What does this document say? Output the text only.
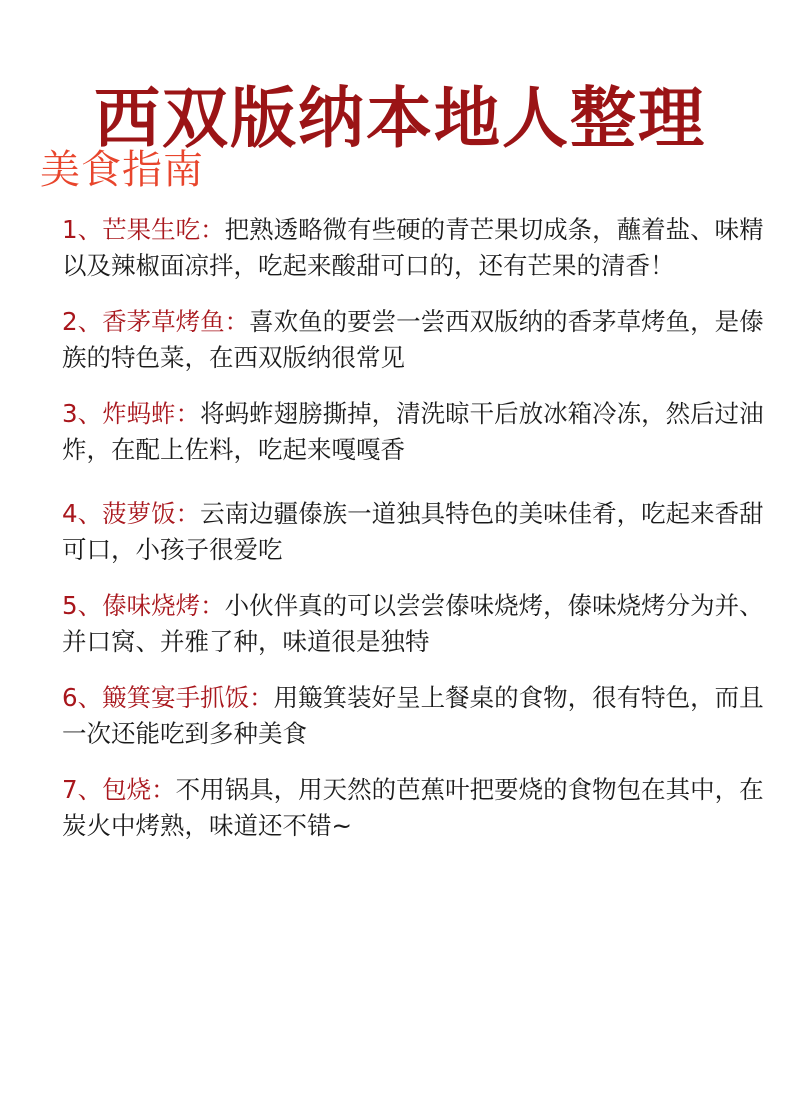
西双版纳本地人整理
美食指南

1、芒果生吃：把熟透略微有些硬的青芒果切成条，蘸着盐、味精以及辣椒面凉拌，吃起来酸甜可口的，还有芒果的清香！

2、香茅草烤鱼：喜欢鱼的要尝一尝西双版纳的香茅草烤鱼，是傣族的特色菜，在西双版纳很常见

3、炸蚂蚱：将蚂蚱翅膀撕掉，清洗晾干后放冰箱冷冻，然后过油炸，在配上佐料，吃起来嘎嘎香

4、菠萝饭：云南边疆傣族一道独具特色的美味佳肴，吃起来香甜可口，小孩子很爱吃

5、傣味烧烤：小伙伴真的可以尝尝傣味烧烤，傣味烧烤分为并、并口窝、并雅了种，味道很是独特

6、簸箕宴手抓饭：用簸箕装好呈上餐桌的食物，很有特色，而且一次还能吃到多种美食

7、包烧：不用锅具，用天然的芭蕉叶把要烧的食物包在其中，在炭火中烤熟，味道还不错~
